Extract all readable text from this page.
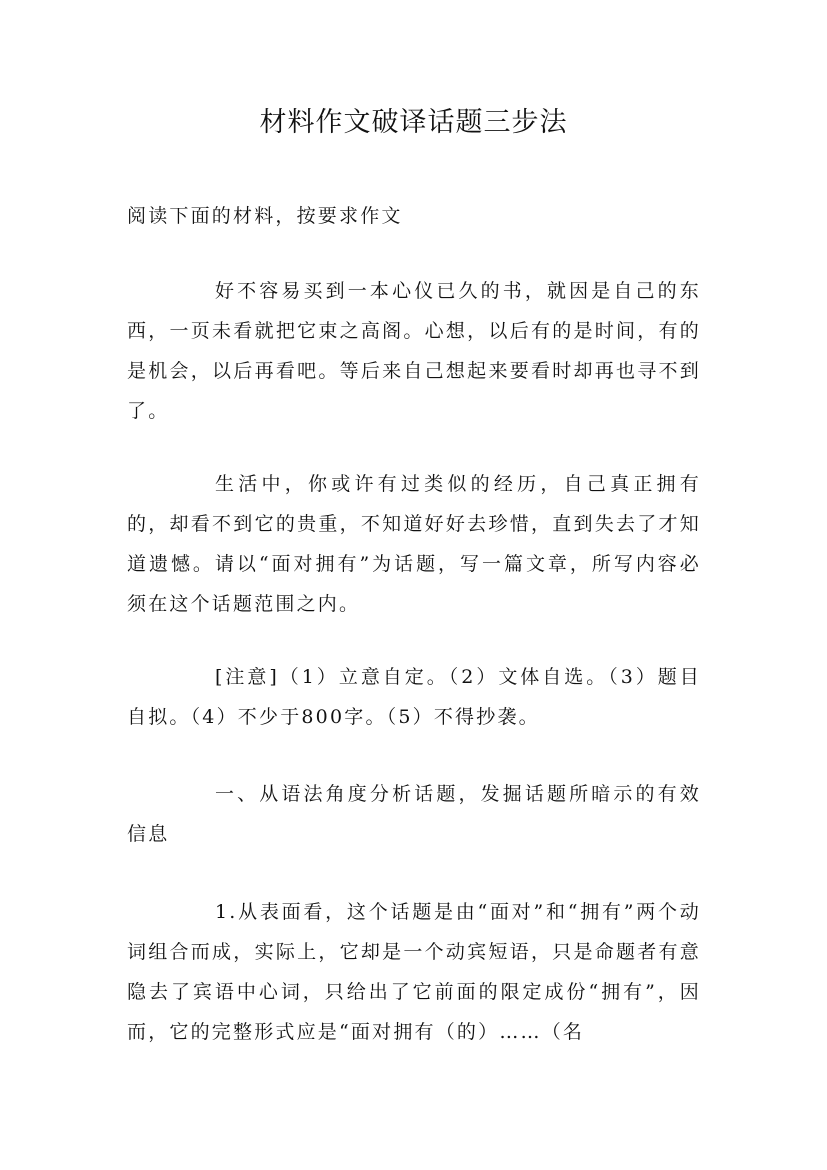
材料作文破译话题三步法

阅读下面的材料，按要求作文

好不容易买到一本心仪已久的书，就因是自己的东西，一页未看就把它束之高阁。心想，以后有的是时间，有的是机会，以后再看吧。等后来自己想起来要看时却再也寻不到了。

生活中，你或许有过类似的经历，自己真正拥有的，却看不到它的贵重，不知道好好去珍惜，直到失去了才知道遗憾。请以“面对拥有”为话题，写一篇文章，所写内容必须在这个话题范围之内。

[注意]（1）立意自定。（2）文体自选。（3）题目自拟。（4）不少于800字。（5）不得抄袭。

一、从语法角度分析话题，发掘话题所暗示的有效信息

1.从表面看，这个话题是由“面对”和“拥有”两个动词组合而成，实际上，它却是一个动宾短语，只是命题者有意隐去了宾语中心词，只给出了它前面的限定成份“拥有”，因而，它的完整形式应是“面对拥有（的）……（名
